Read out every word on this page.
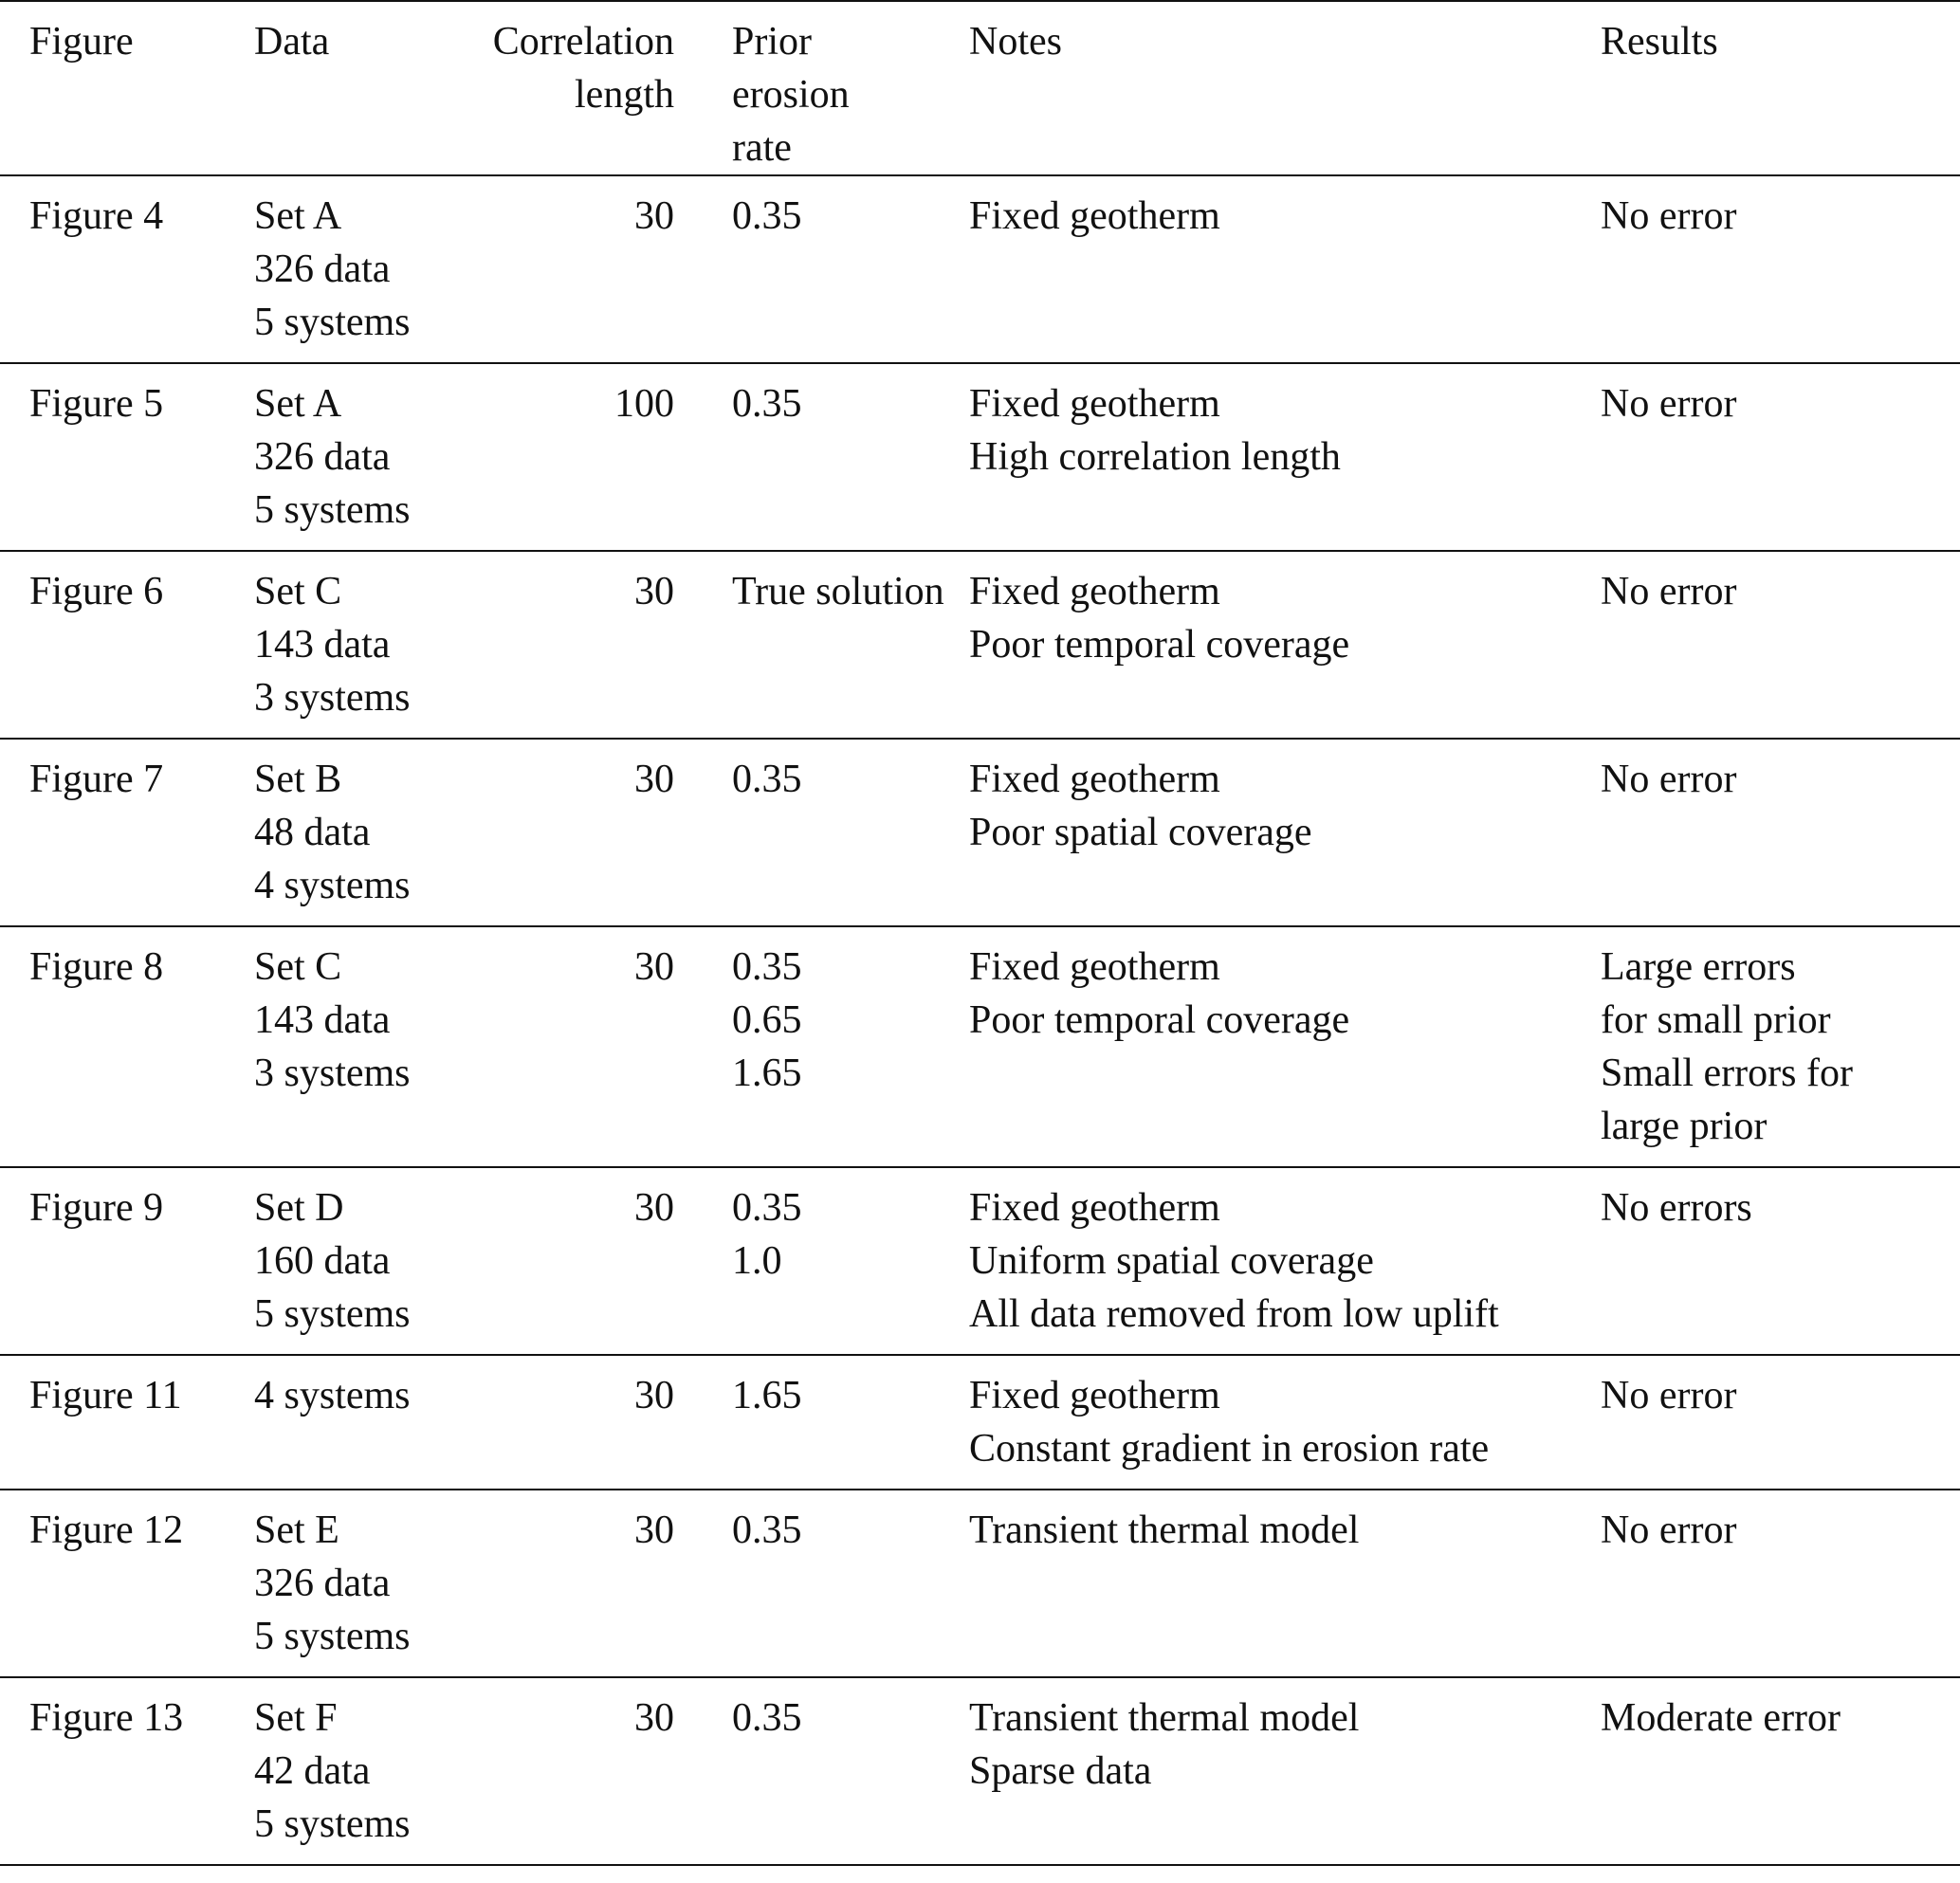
Figure	Data	Correlation
length	Prior
erosion
rate	Notes	Results

Figure 4	Set A
326 data
5 systems	30	0.35	Fixed geotherm	No error

Figure 5	Set A
326 data
5 systems	100	0.35	Fixed geotherm
High correlation length	No error

Figure 6	Set C
143 data
3 systems	30	True solution	Fixed geotherm
Poor temporal coverage	No error

Figure 7	Set B
48 data
4 systems	30	0.35	Fixed geotherm
Poor spatial coverage	No error

Figure 8	Set C
143 data
3 systems	30	0.35
0.65
1.65	Fixed geotherm
Poor temporal coverage	Large errors
for small prior
Small errors for
large prior

Figure 9	Set D
160 data
5 systems	30	0.35
1.0	Fixed geotherm
Uniform spatial coverage
All data removed from low uplift	No errors

Figure 11	4 systems	30	1.65	Fixed geotherm
Constant gradient in erosion rate	No error

Figure 12	Set E
326 data
5 systems	30	0.35	Transient thermal model	No error

Figure 13	Set F
42 data
5 systems	30	0.35	Transient thermal model
Sparse data	Moderate error
